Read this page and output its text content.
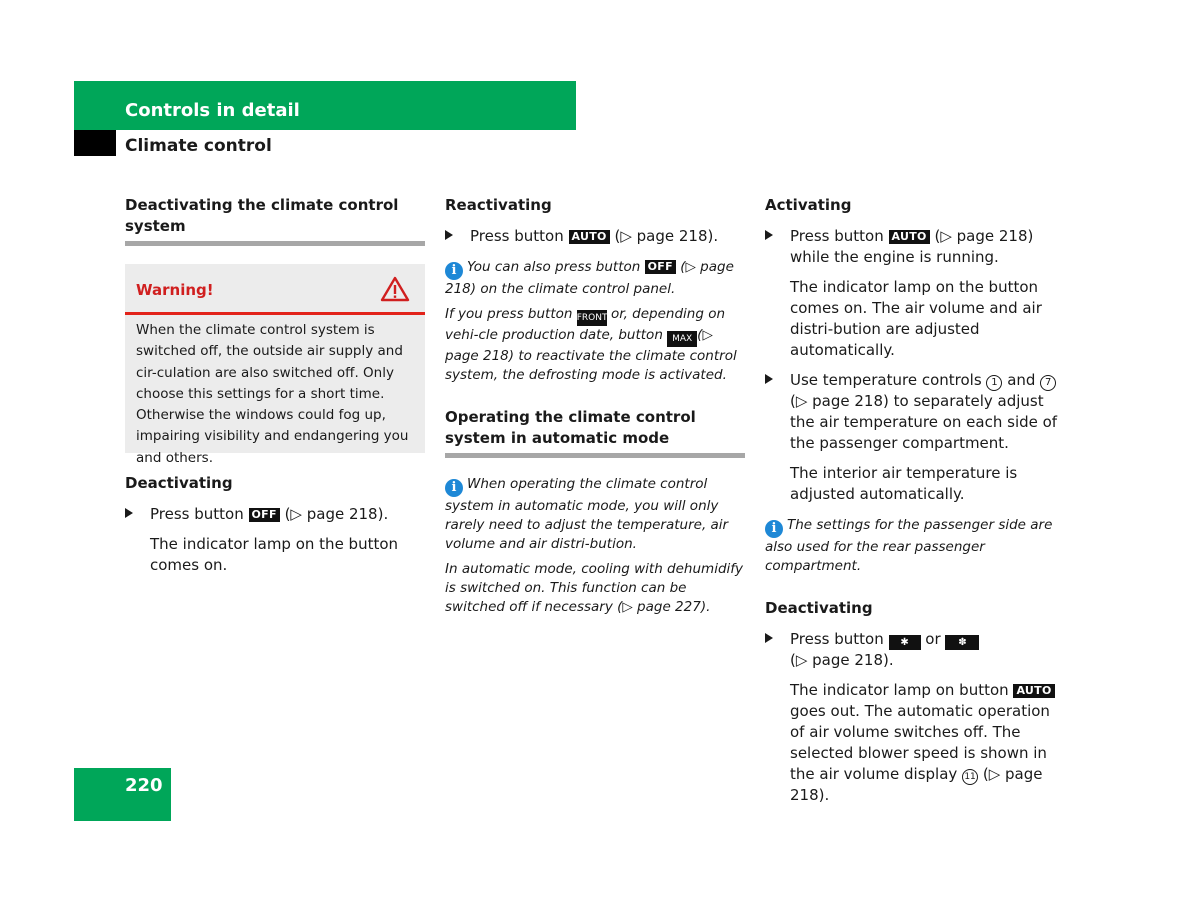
Controls in detail
Climate control

Deactivating the climate control system

Warning!
When the climate control system is switched off, the outside air supply and cir-culation are also switched off. Only choose this settings for a short time. Otherwise the windows could fog up, impairing visibility and endangering you and others.

Deactivating

Press button OFF (▷ page 218).

The indicator lamp on the button comes on.

Reactivating

Press button AUTO (▷ page 218).

i You can also press button OFF (▷ page 218) on the climate control panel.

If you press button FRONT or, depending on vehi-cle production date, button MAX (▷ page 218) to reactivate the climate control system, the defrosting mode is activated.

Operating the climate control system in automatic mode

i When operating the climate control system in automatic mode, you will only rarely need to adjust the temperature, air volume and air distri-bution.

In automatic mode, cooling with dehumidify is switched on. This function can be switched off if necessary (▷ page 227).

Activating

Press button AUTO (▷ page 218) while the engine is running.

The indicator lamp on the button comes on. The air volume and air distri-bution are adjusted automatically.

Use temperature controls 1 and 7 (▷ page 218) to separately adjust the air temperature on each side of the passenger compartment.

The interior air temperature is adjusted automatically.

i The settings for the passenger side are also used for the rear passenger compartment.

Deactivating

Press button ✱ or ✽
(▷ page 218).

The indicator lamp on button AUTO goes out. The automatic operation of air volume switches off. The selected blower speed is shown in the air volume display 11 (▷ page 218).

220
